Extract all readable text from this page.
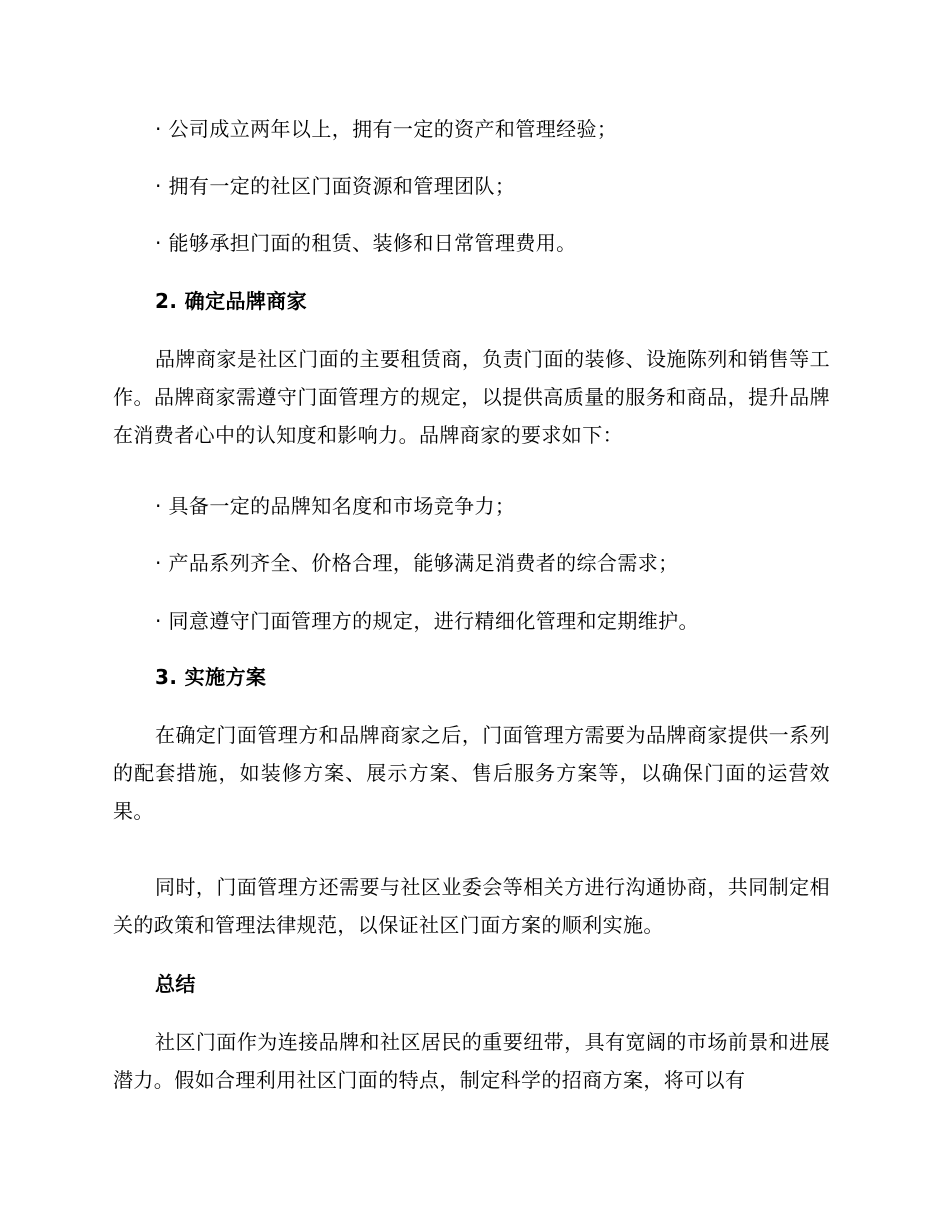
· 公司成立两年以上，拥有一定的资产和管理经验；
· 拥有一定的社区门面资源和管理团队；
· 能够承担门面的租赁、装修和日常管理费用。
2. 确定品牌商家
品牌商家是社区门面的主要租赁商，负责门面的装修、设施陈列和销售等工作。品牌商家需遵守门面管理方的规定，以提供高质量的服务和商品，提升品牌在消费者心中的认知度和影响力。品牌商家的要求如下：
· 具备一定的品牌知名度和市场竞争力；
· 产品系列齐全、价格合理，能够满足消费者的综合需求；
· 同意遵守门面管理方的规定，进行精细化管理和定期维护。
3. 实施方案
在确定门面管理方和品牌商家之后，门面管理方需要为品牌商家提供一系列的配套措施，如装修方案、展示方案、售后服务方案等，以确保门面的运营效果。
同时，门面管理方还需要与社区业委会等相关方进行沟通协商，共同制定相关的政策和管理法律规范，以保证社区门面方案的顺利实施。
总结
社区门面作为连接品牌和社区居民的重要纽带，具有宽阔的市场前景和进展潜力。假如合理利用社区门面的特点，制定科学的招商方案，将可以有
